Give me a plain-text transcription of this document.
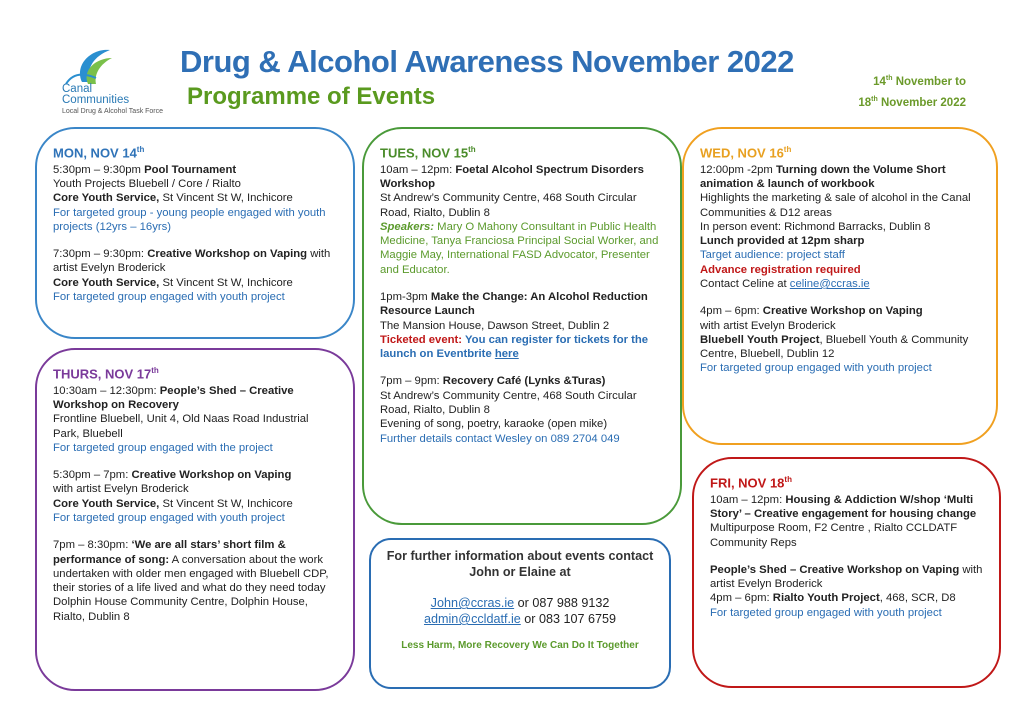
Canal
Communities
Local Drug & Alcohol Task Force
Drug & Alcohol Awareness November 2022
Programme of Events
14th November to
18th November 2022
MON, NOV 14th

5:30pm – 9:30pm Pool Tournament

Youth Projects Bluebell / Core / Rialto

Core Youth Service, St Vincent St W, Inchicore

For targeted group - young people engaged with youth projects (12yrs – 16yrs)

7:30pm – 9:30pm: Creative Workshop on Vaping with artist Evelyn Broderick

Core Youth Service, St Vincent St W, Inchicore

For targeted group engaged with youth project

THURS, NOV 17th

10:30am – 12:30pm: People’s Shed – Creative Workshop on Recovery

Frontline Bluebell, Unit 4, Old Naas Road Industrial Park, Bluebell

For targeted group engaged with the project

5:30pm – 7pm: Creative Workshop on Vaping

with artist Evelyn Broderick

Core Youth Service, St Vincent St W, Inchicore

For targeted group engaged with youth project

7pm – 8:30pm: ‘We are all stars’ short film & performance of song: A conversation about the work undertaken with older men engaged with Bluebell CDP, their stories of a life lived and what do they need today

Dolphin House Community Centre, Dolphin House, Rialto, Dublin 8

TUES, NOV 15th

10am – 12pm: Foetal Alcohol Spectrum Disorders Workshop

St Andrew’s Community Centre, 468 South Circular Road, Rialto, Dublin 8

Speakers: Mary O Mahony Consultant in Public Health Medicine, Tanya Franciosa Principal Social Worker, and Maggie May, International FASD Advocator, Presenter and Educator.

1pm-3pm Make the Change: An Alcohol Reduction Resource Launch

The Mansion House, Dawson Street, Dublin 2

Ticketed event: You can register for tickets for the launch on Eventbrite here

7pm – 9pm: Recovery Café (Lynks &Turas)

St Andrew’s Community Centre, 468 South Circular Road, Rialto, Dublin 8

Evening of song, poetry, karaoke (open mike)

Further details contact Wesley on 089 2704 049

WED, NOV 16th

12:00pm -2pm Turning down the Volume Short animation & launch of workbook

Highlights the marketing & sale of alcohol in the Canal Communities & D12 areas

In person event: Richmond Barracks, Dublin 8

Lunch provided at 12pm sharp

Target audience: project staff

Advance registration required

Contact Celine at celine@ccras.ie

4pm – 6pm: Creative Workshop on Vaping

with artist Evelyn Broderick

Bluebell Youth Project, Bluebell Youth & Community Centre, Bluebell, Dublin 12

For targeted group engaged with youth project

FRI, NOV 18th

10am – 12pm: Housing & Addiction W/shop ‘Multi Story’ – Creative engagement for housing change

Multipurpose Room, F2 Centre , Rialto CCLDATF Community Reps

People’s Shed – Creative Workshop on Vaping with artist Evelyn Broderick

4pm – 6pm: Rialto Youth Project, 468, SCR, D8

For targeted group engaged with youth project

For further information about events contact John or Elaine at

John@ccras.ie or 087 988 9132

admin@ccldatf.ie or 083 107 6759

Less Harm, More Recovery We Can Do It Together
